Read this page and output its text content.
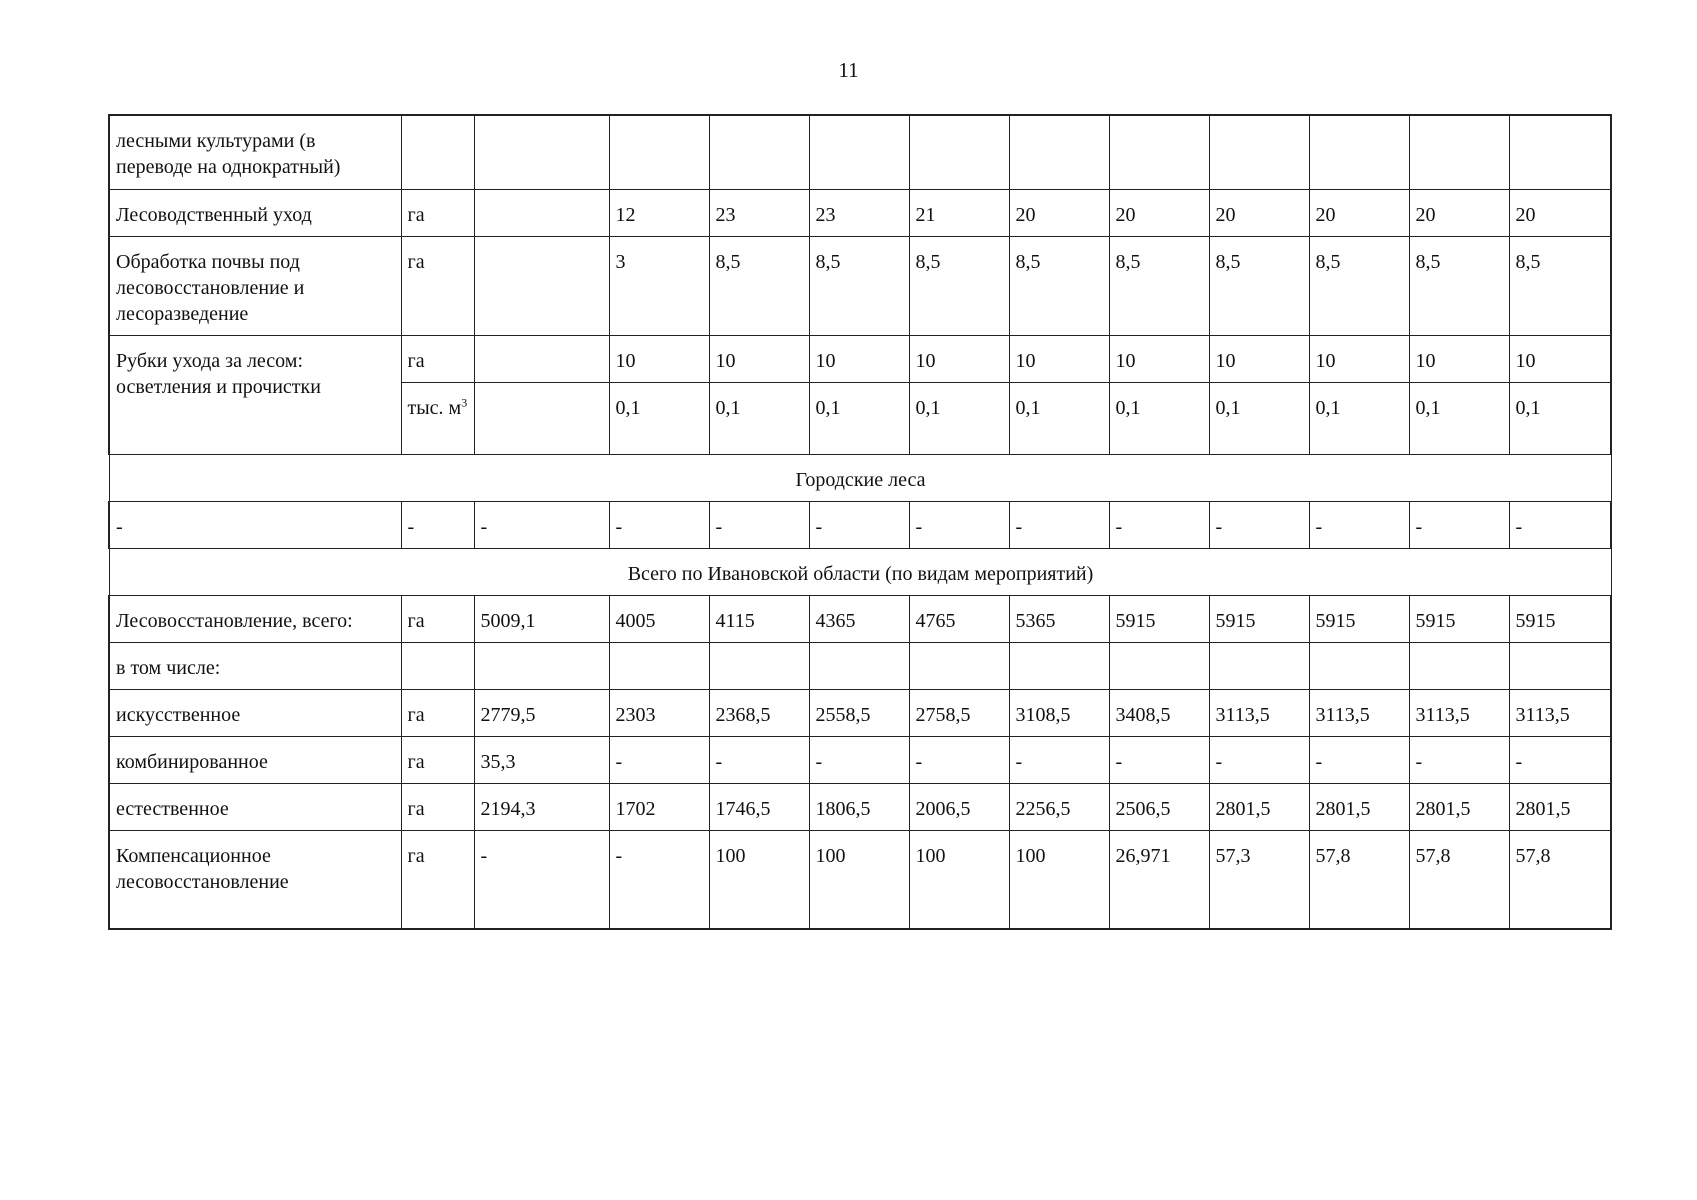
11
лесными культурами (в переводе на однократный)												
Лесоводственный уход	га		12	23	23	21	20	20	20	20	20	20
Обработка почвы под лесовосстановление и лесоразведение	га		3	8,5	8,5	8,5	8,5	8,5	8,5	8,5	8,5	8,5
Рубки ухода за лесом: осветления и прочистки	га		10	10	10	10	10	10	10	10	10	10
	тыс. $м^3$		0,1	0,1	0,1	0,1	0,1	0,1	0,1	0,1	0,1	0,1
Городские леса												
-	-	-	-	-	-	-	-	-	-	-	-	-
Всего по Ивановской области (по видам мероприятий)												
Лесовосстановление, всего:	га	5009,1	4005	4115	4365	4765	5365	5915	5915	5915	5915	5915
в том числе:												
искусственное	га	2779,5	2303	2368,5	2558,5	2758,5	3108,5	3408,5	3113,5	3113,5	3113,5	3113,5
комбинированное	га	35,3	-	-	-	-	-	-	-	-	-	-
естественное	га	2194,3	1702	1746,5	1806,5	2006,5	2256,5	2506,5	2801,5	2801,5	2801,5	2801,5
Компенсационное лесовосстановление	га	-	-	100	100	100	100	26,971	57,3	57,8	57,8	57,8
